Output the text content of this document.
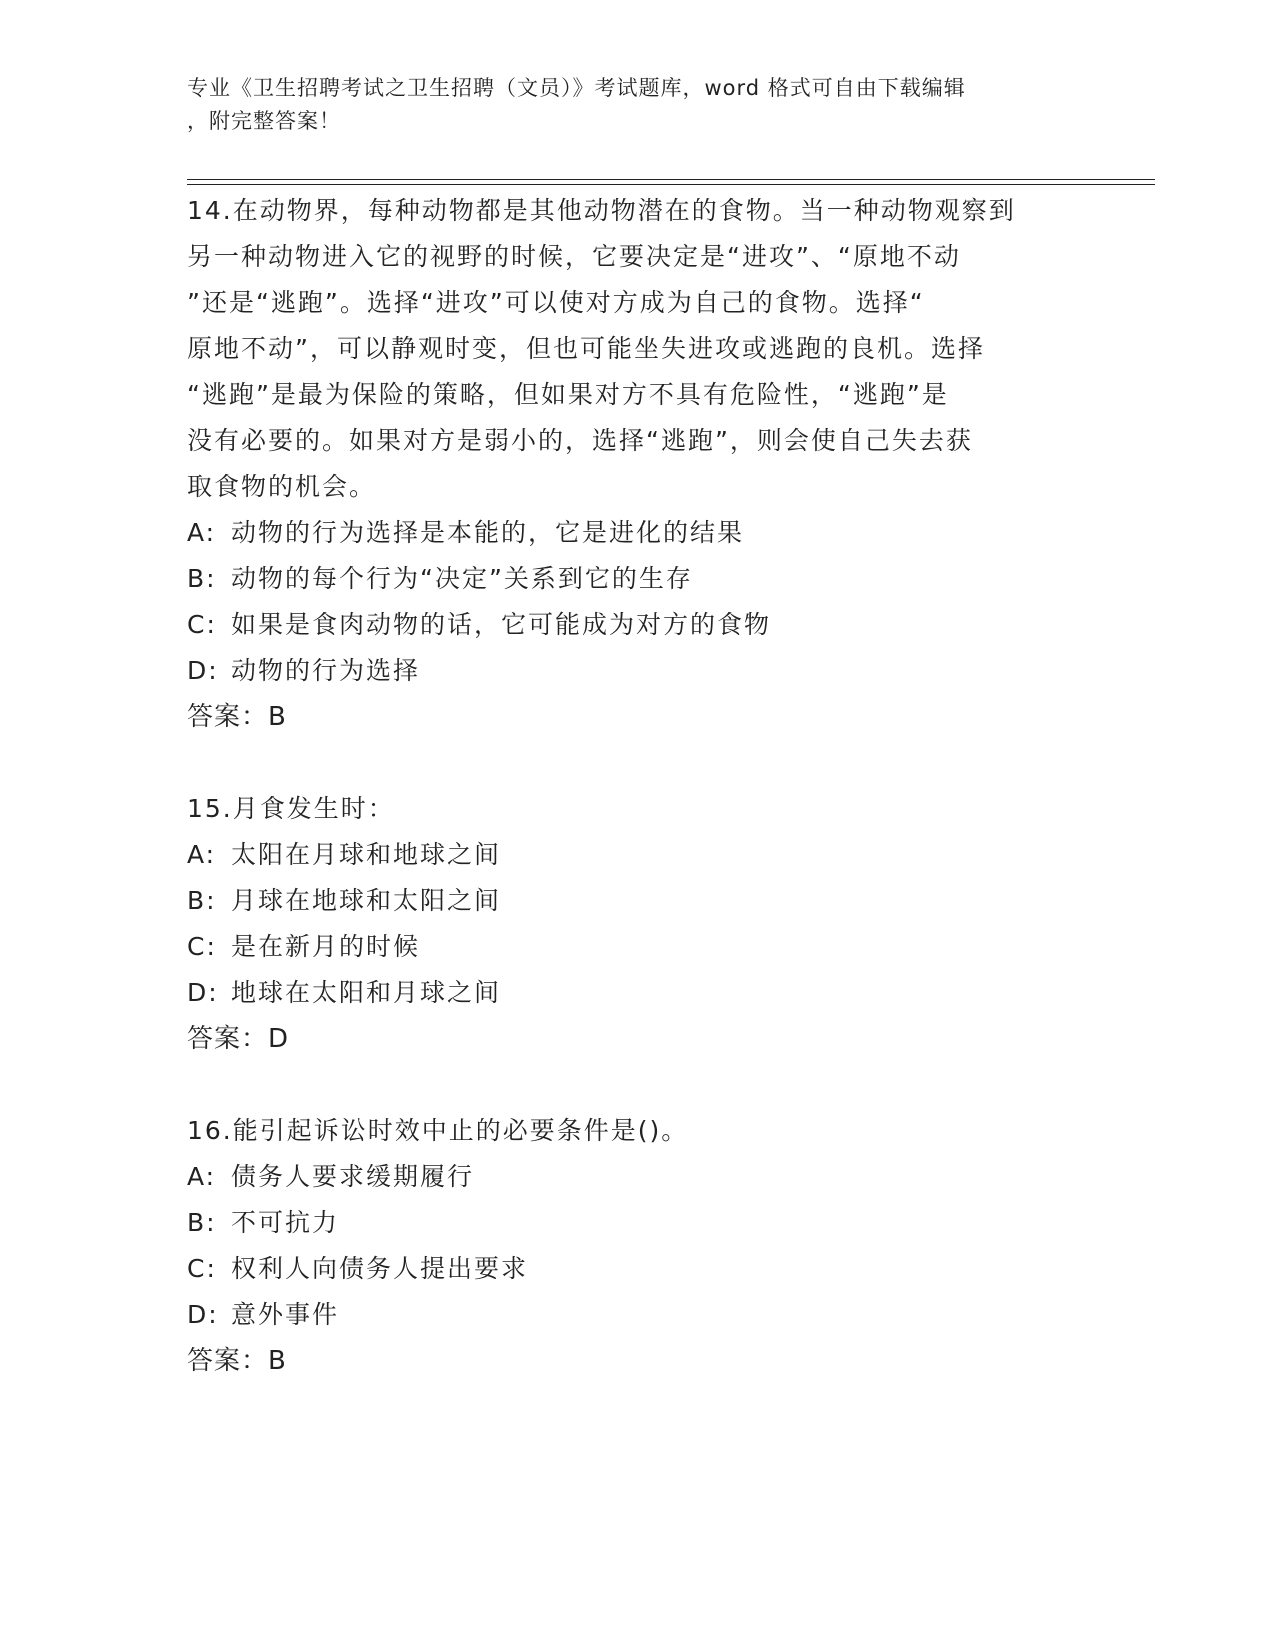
专业《卫生招聘考试之卫生招聘（文员）》考试题库，word 格式可自由下载编辑
，附完整答案！
14.在动物界，每种动物都是其他动物潜在的食物。当一种动物观察到
另一种动物进入它的视野的时候，它要决定是“进攻”、“原地不动
”还是“逃跑”。选择“进攻”可以使对方成为自己的食物。选择“
原地不动”，可以静观时变，但也可能坐失进攻或逃跑的良机。选择
“逃跑”是最为保险的策略，但如果对方不具有危险性，“逃跑”是
没有必要的。如果对方是弱小的，选择“逃跑”，则会使自己失去获
取食物的机会。
A: 动物的行为选择是本能的，它是进化的结果
B: 动物的每个行为“决定”关系到它的生存
C: 如果是食肉动物的话，它可能成为对方的食物
D: 动物的行为选择
答案：B
15.月食发生时：
A: 太阳在月球和地球之间
B: 月球在地球和太阳之间
C: 是在新月的时候
D: 地球在太阳和月球之间
答案：D
16.能引起诉讼时效中止的必要条件是()。
A: 债务人要求缓期履行
B: 不可抗力
C: 权利人向债务人提出要求
D: 意外事件
答案：B
